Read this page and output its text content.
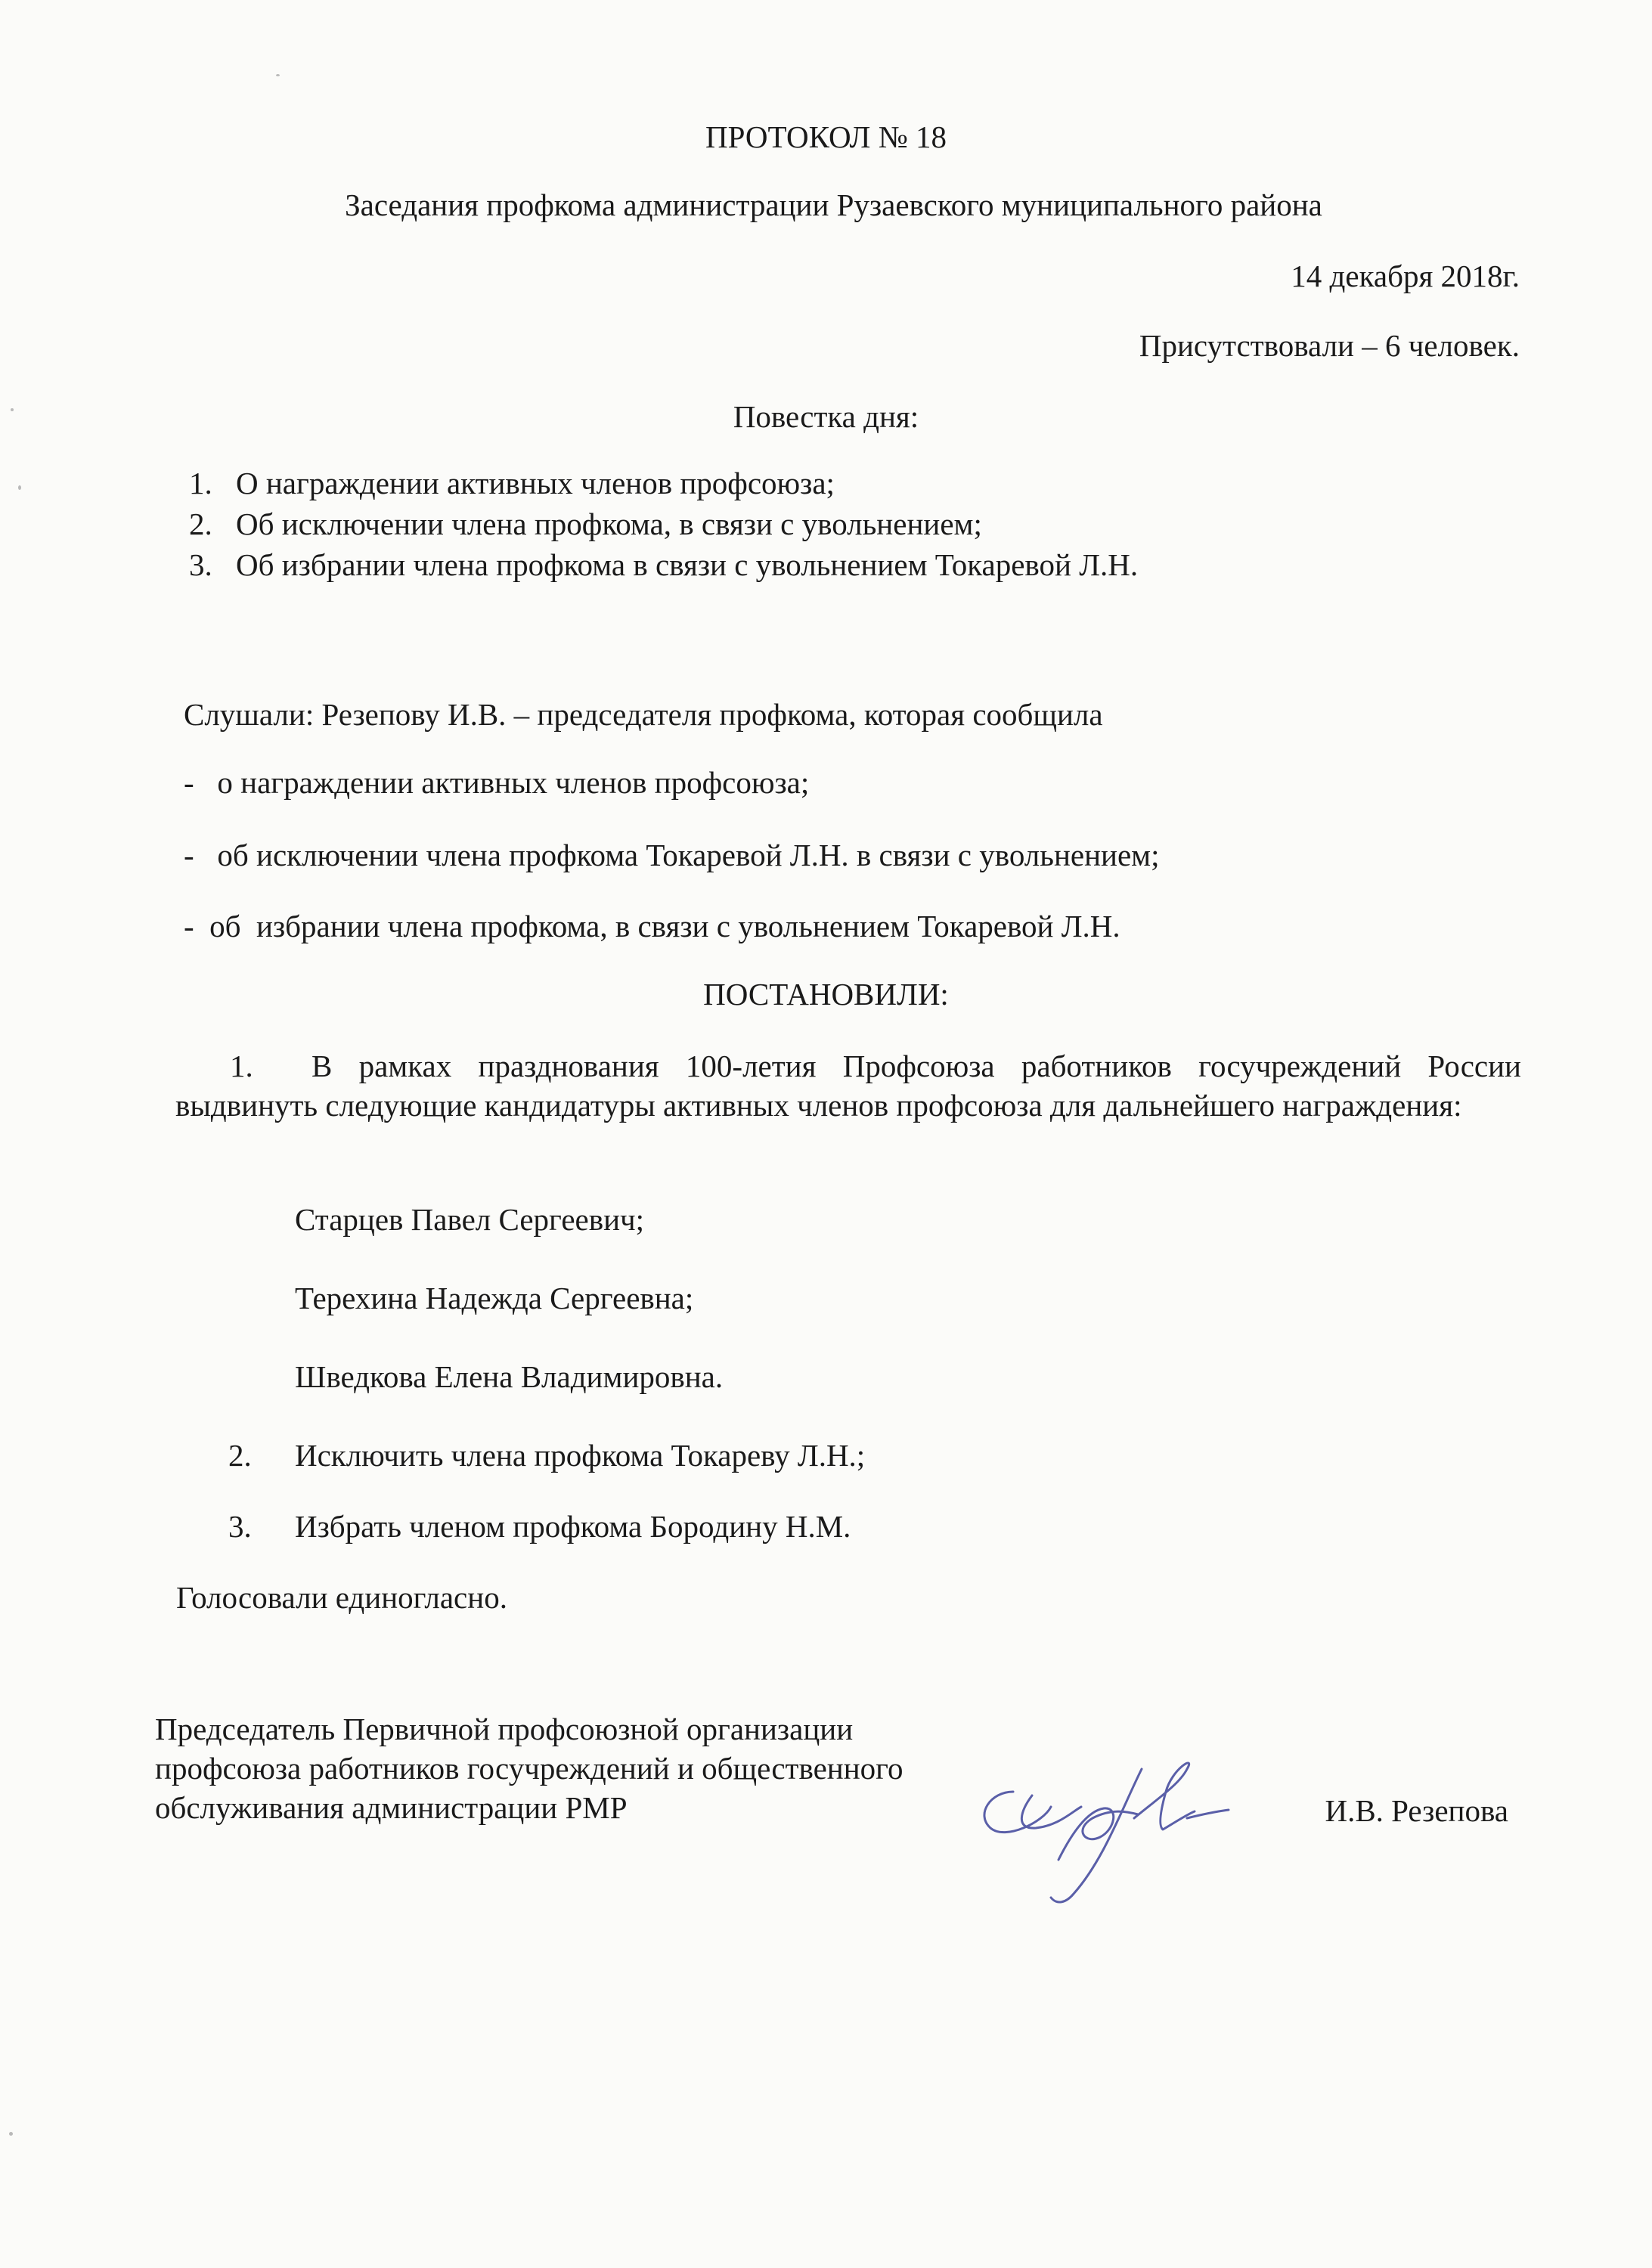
ПРОТОКОЛ № 18
Заседания профкома администрации Рузаевского муниципального района
14 декабря 2018г.
Присутствовали – 6 человек.
Повестка дня:
1. О награждении активных членов профсоюза;
2. Об исключении члена профкома, в связи с увольнением;
3. Об избрании члена профкома в связи с увольнением Токаревой Л.Н.
Слушали: Резепову И.В. – председателя профкома, которая сообщила
-   о награждении активных членов профсоюза;
-   об исключении члена профкома Токаревой Л.Н. в связи с увольнением;
-  об  избрании члена профкома, в связи с увольнением Токаревой Л.Н.
ПОСТАНОВИЛИ:
1. В рамках празднования 100-летия Профсоюза работников госучреждений России выдвинуть следующие кандидатуры активных членов профсоюза для дальнейшего награждения:
Старцев Павел Сергеевич;
Терехина Надежда Сергеевна;
Шведкова Елена Владимировна.
2. Исключить члена профкома Токареву Л.Н.;
3. Избрать членом профкома Бородину Н.М.
Голосовали единогласно.
Председатель Первичной профсоюзной организации
профсоюза работников госучреждений и общественного
обслуживания администрации РМР	И.В. Резепова
